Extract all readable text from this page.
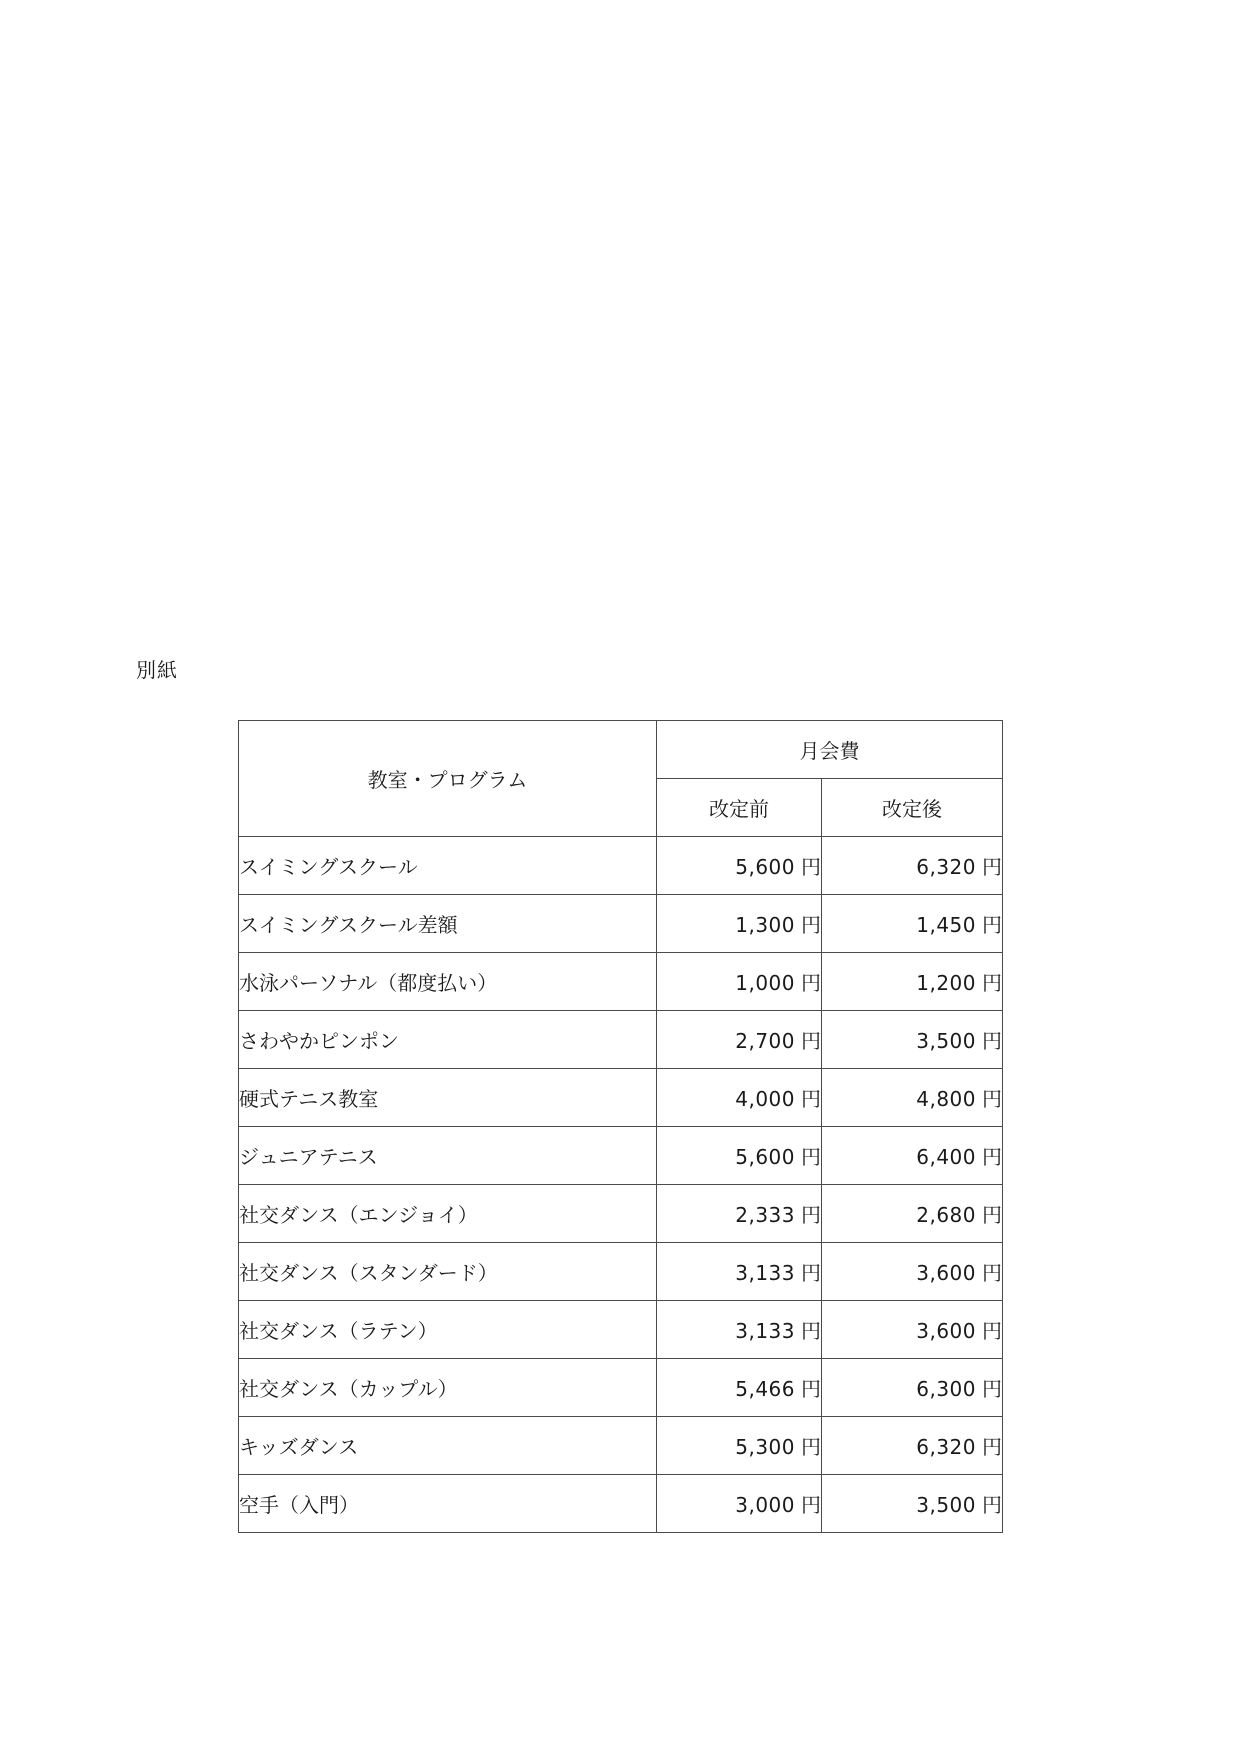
別紙
教室・プログラム	月会費	
	改定前	改定後
スイミングスクール	5,600 円	6,320 円
スイミングスクール差額	1,300 円	1,450 円
水泳パーソナル（都度払い）	1,000 円	1,200 円
さわやかピンポン	2,700 円	3,500 円
硬式テニス教室	4,000 円	4,800 円
ジュニアテニス	5,600 円	6,400 円
社交ダンス（エンジョイ）	2,333 円	2,680 円
社交ダンス（スタンダード）	3,133 円	3,600 円
社交ダンス（ラテン）	3,133 円	3,600 円
社交ダンス（カップル）	5,466 円	6,300 円
キッズダンス	5,300 円	6,320 円
空手（入門）	3,000 円	3,500 円
